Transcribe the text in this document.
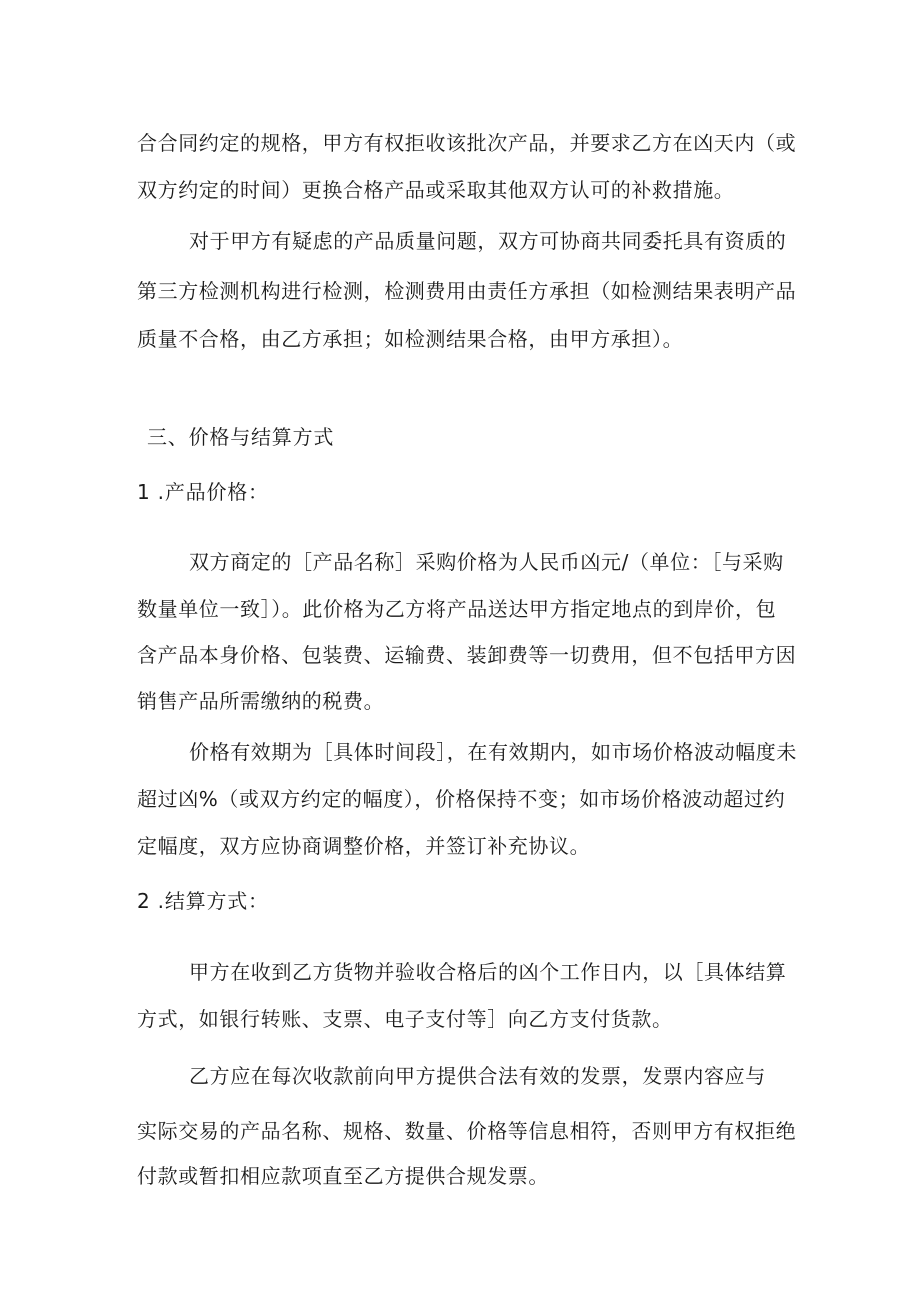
合合同约定的规格，甲方有权拒收该批次产品，并要求乙方在凶天内（或
双方约定的时间）更换合格产品或采取其他双方认可的补救措施。
对于甲方有疑虑的产品质量问题，双方可协商共同委托具有资质的
第三方检测机构进行检测，检测费用由责任方承担（如检测结果表明产品
质量不合格，由乙方承担；如检测结果合格，由甲方承担）。
三、价格与结算方式
1 .产品价格：
双方商定的［产品名称］采购价格为人民币凶元/（单位：［与采购
数量单位一致］）。此价格为乙方将产品送达甲方指定地点的到岸价，包
含产品本身价格、包装费、运输费、装卸费等一切费用，但不包括甲方因
销售产品所需缴纳的税费。
价格有效期为［具体时间段］，在有效期内，如市场价格波动幅度未
超过凶%（或双方约定的幅度），价格保持不变；如市场价格波动超过约
定幅度，双方应协商调整价格，并签订补充协议。
2 .结算方式：
甲方在收到乙方货物并验收合格后的凶个工作日内，以［具体结算
方式，如银行转账、支票、电子支付等］向乙方支付货款。
乙方应在每次收款前向甲方提供合法有效的发票，发票内容应与
实际交易的产品名称、规格、数量、价格等信息相符，否则甲方有权拒绝
付款或暂扣相应款项直至乙方提供合规发票。
